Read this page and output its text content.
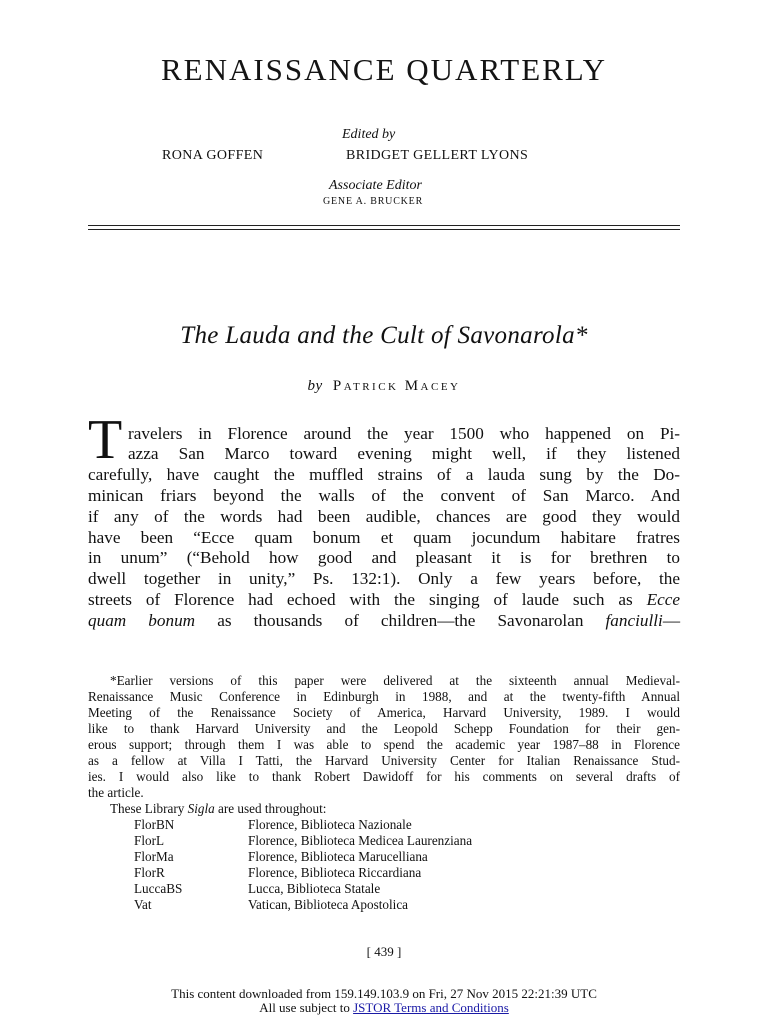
RENAISSANCE QUARTERLY
Edited by
RONA GOFFEN	BRIDGET GELLERT LYONS
Associate Editor
GENE A. BRUCKER
The Lauda and the Cult of Savonarola*
by Patrick Macey
T ravelers in Florence around the year 1500 who happened on Pi-
azza San Marco toward evening might well, if they listened
carefully, have caught the muffled strains of a lauda sung by the Do-
minican friars beyond the walls of the convent of San Marco. And
if any of the words had been audible, chances are good they would
have been “Ecce quam bonum et quam jocundum habitare fratres
in unum” (“Behold how good and pleasant it is for brethren to
dwell together in unity,” Ps. 132:1). Only a few years before, the
streets of Florence had echoed with the singing of laude such as Ecce
quam bonum as thousands of children—the Savonarolan fanciulli—
*Earlier versions of this paper were delivered at the sixteenth annual Medieval-
Renaissance Music Conference in Edinburgh in 1988, and at the twenty-fifth Annual
Meeting of the Renaissance Society of America, Harvard University, 1989. I would
like to thank Harvard University and the Leopold Schepp Foundation for their gen-
erous support; through them I was able to spend the academic year 1987–88 in Florence
as a fellow at Villa I Tatti, the Harvard University Center for Italian Renaissance Stud-
ies. I would also like to thank Robert Dawidoff for his comments on several drafts of
the article.
These Library Sigla are used throughout:
FlorBN	Florence, Biblioteca Nazionale
FlorL	Florence, Biblioteca Medicea Laurenziana
FlorMa	Florence, Biblioteca Marucelliana
FlorR	Florence, Biblioteca Riccardiana
LuccaBS	Lucca, Biblioteca Statale
Vat	Vatican, Biblioteca Apostolica
[ 439 ]
This content downloaded from 159.149.103.9 on Fri, 27 Nov 2015 22:21:39 UTC
All use subject to JSTOR Terms and Conditions
